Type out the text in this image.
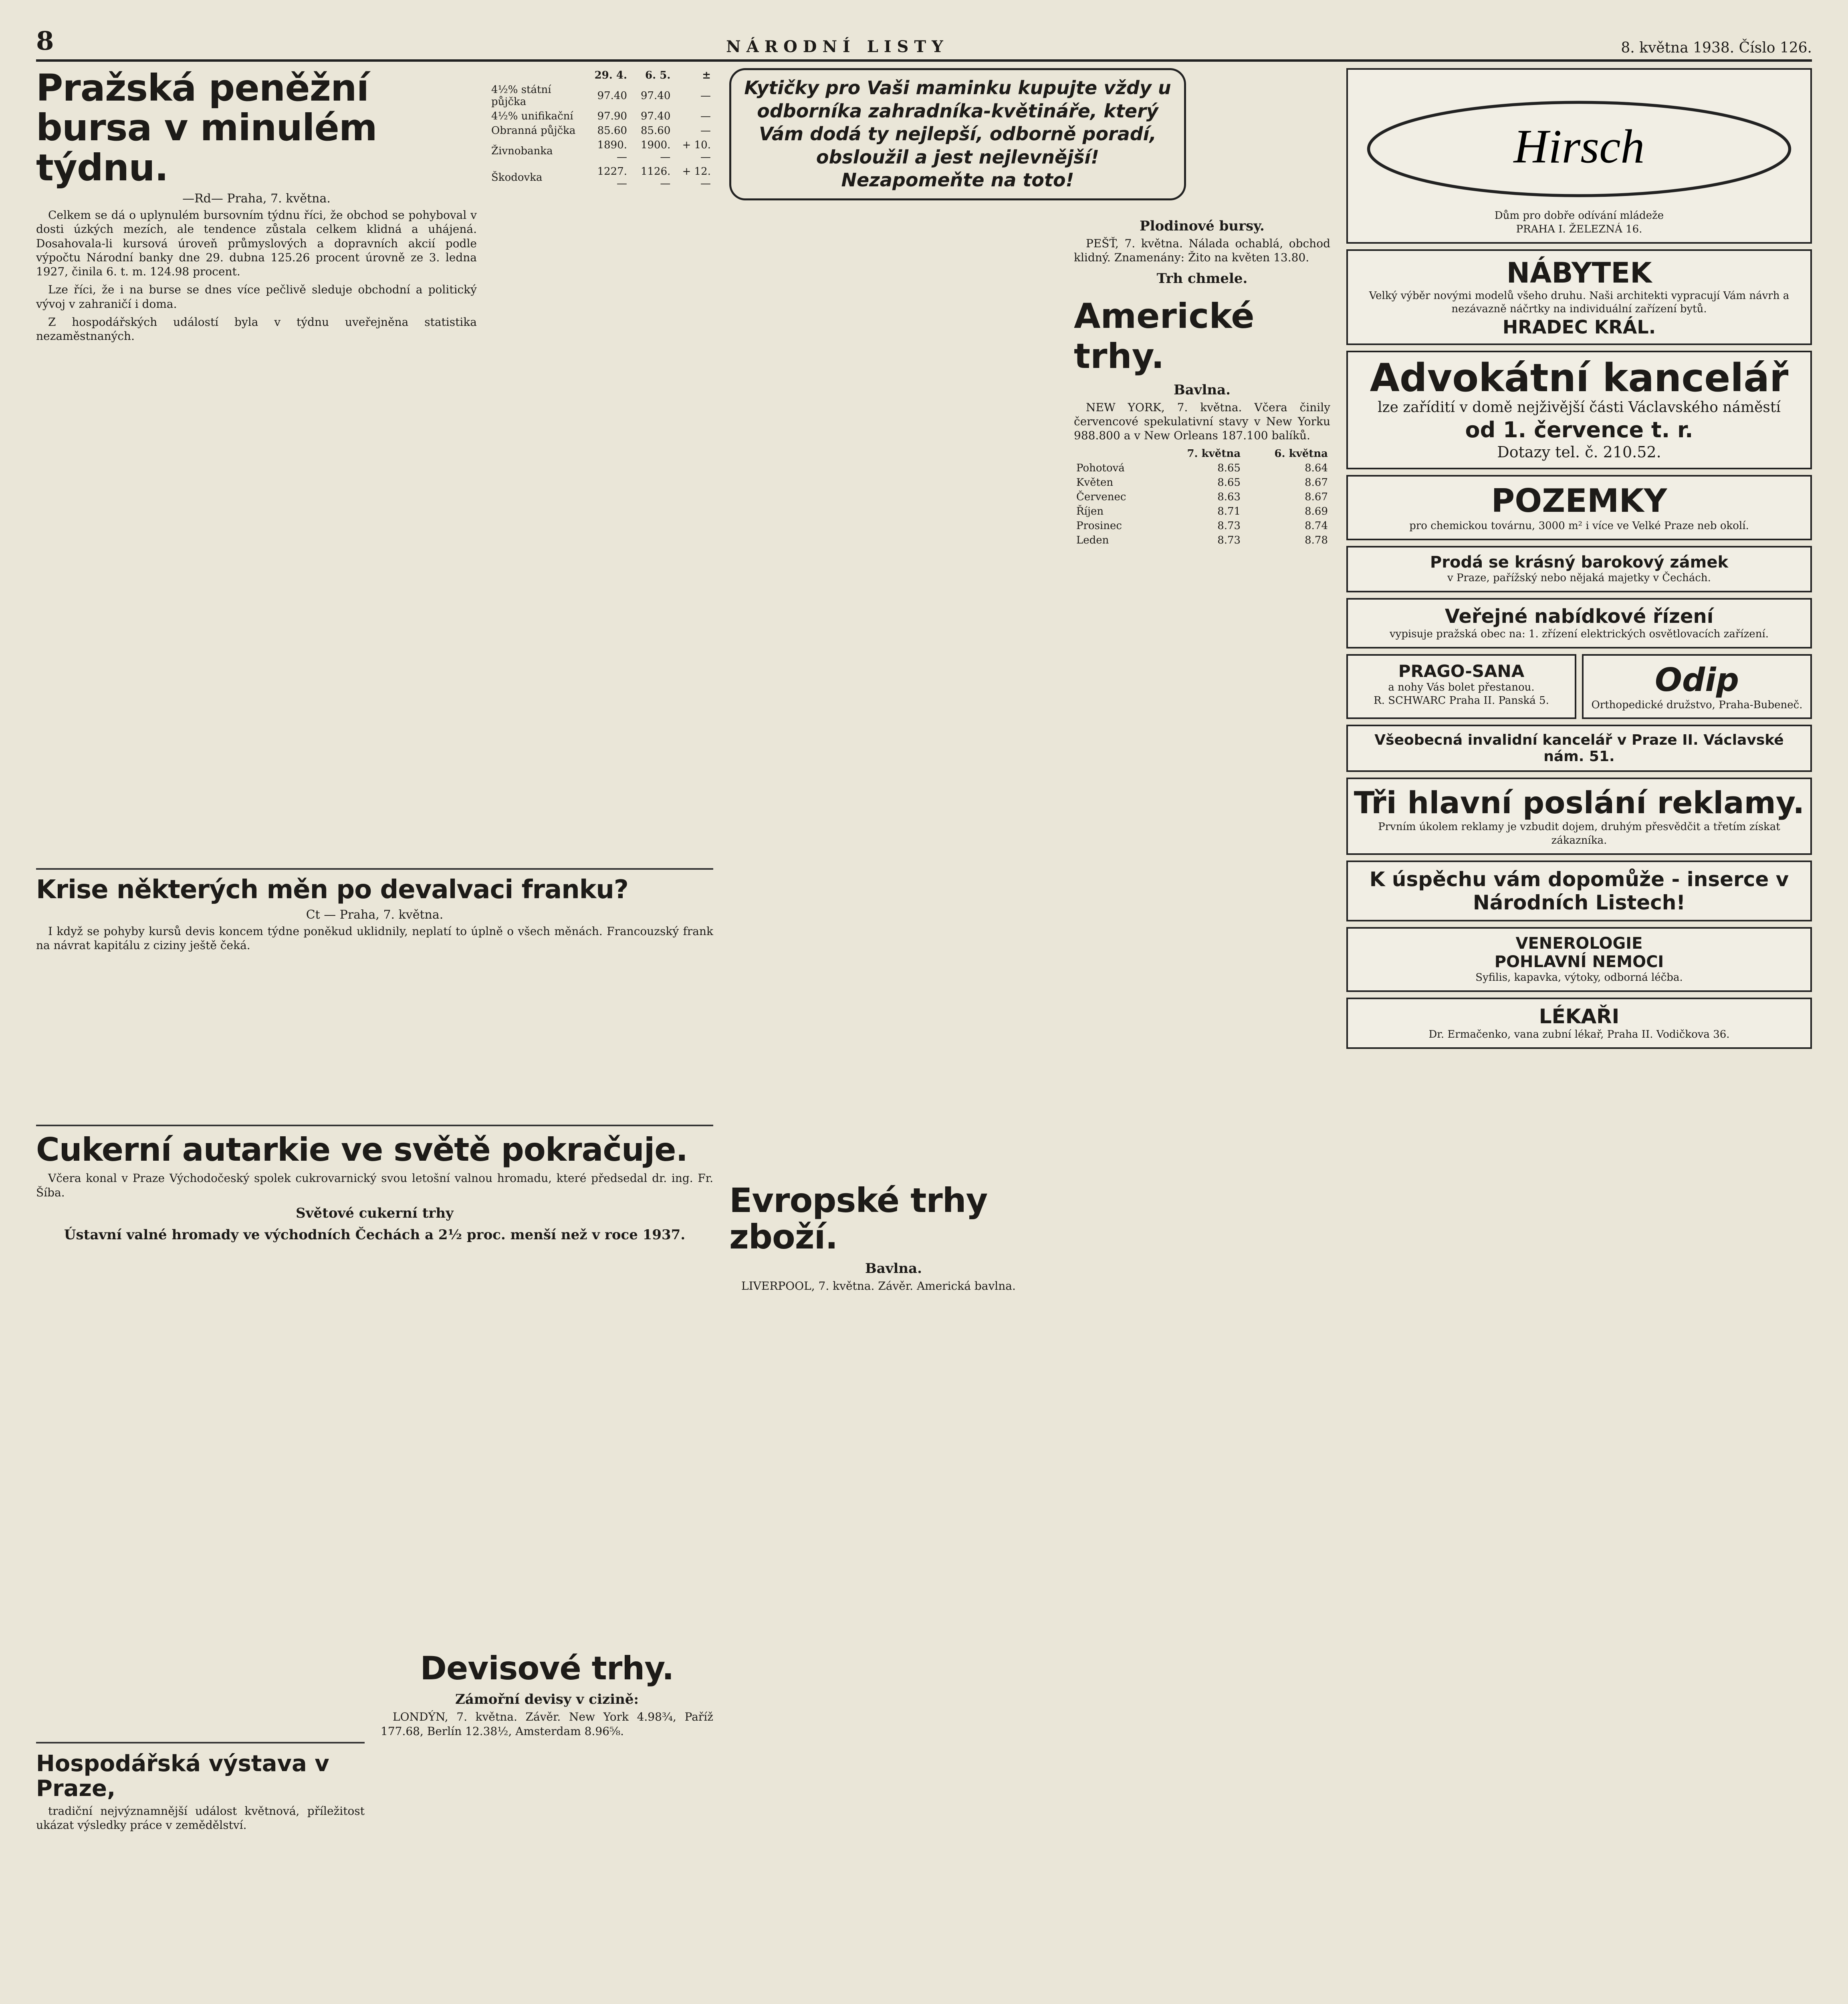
8	NÁRODNÍ LISTY	8. května 1938. Číslo 126.
Pražská peněžní bursa v minulém týdnu.
—Rd— Praha, 7. května.

Celkem se dá o uplynulém bursovním týdnu říci, že obchod se pohyboval v dosti úzkých mezích, ale tendence zůstala celkem klidná a uhájená. Dosahovala-li kursová úroveň průmyslových a dopravních akcií podle výpočtu Národní banky dne 29. dubna 125.26 procent úrovně ze 3. ledna 1927, činila 6. t. m. 124.98 procent.

Lze říci, že i na burse se dnes více pečlivě sleduje obchodní a politický vývoj v zahraničí i doma.

Z hospodářských událostí byla v týdnu uveřejněna statistika nezaměstnaných.

	29. 4.	6. 5.	±
4½% státní půjčka	97.40	97.40	—
4½% unifikační	97.90	97.40	—
Obranná půjčka	85.60	85.60	—
Živnobanka	1890.—	1900.—	+ 10.—
Škodovka	1227.—	1126.—	+ 12.—
Krise některých měn po devalvaci franku?
Ct — Praha, 7. května.

I když se pohyby kursů devis koncem týdne poněkud uklidnily, neplatí to úplně o všech měnách. Francouzský frank na návrat kapitálu z ciziny ještě čeká.

Cukerní autarkie ve světě pokračuje.

Včera konal v Praze Východočeský spolek cukrovarnický svou letošní valnou hromadu, které předsedal dr. ing. Fr. Šíba.

Světové cukerní trhy
Ústavní valné hromady ve východních Čechách a 2½ proc. menší než v roce 1937.
Hospodářská výstava v Praze,

tradiční nejvýznamnější událost květnová, příležitost ukázat výsledky práce v zemědělství.

Devisové trhy.
Zámořní devisy v cizině:

LONDÝN, 7. května. Závěr. New York 4.98³⁄₄, Paříž 177.68, Berlín 12.38½, Amsterdam 8.96⁵⁄₈.

Kytičky pro Vaši maminku kupujte vždy u odborníka zahradníka-květináře, který Vám dodá ty nejlepší, odborně poradí, obsloužil a jest nejlevnější! Nezapomeňte na toto!
Evropské trhy zboží.
Bavlna.

LIVERPOOL, 7. května. Závěr. Americká bavlna.

Plodinové bursy.

PEŠŤ, 7. května. Nálada ochablá, obchod klidný. Znamenány: Žito na květen 13.80.

Trh chmele.
Americké trhy.
Bavlna.

NEW YORK, 7. května. Včera činily červencové spekulativní stavy v New Yorku 988.800 a v New Orleans 187.100 balíků.

	7. května	6. května
Pohotová	8.65	8.64
Květen	8.65	8.67
Červenec	8.63	8.67
Říjen	8.71	8.69
Prosinec	8.73	8.74
Leden	8.73	8.78
Hirsch
Dům pro dobře odívání mládeže
PRAHA I. ŽELEZNÁ 16.
NÁBYTEK
Velký výběr novými modelů všeho druhu. Naši architekti vypracují Vám návrh a nezávazně náčrtky na individuální zařízení bytů.
HRADEC KRÁL.
Advokátní kancelář
lze zařídití v domě nejživější části Václavského náměstí
od 1. července t. r.
Dotazy tel. č. 210.52.
POZEMKY
pro chemickou továrnu, 3000 m² i více ve Velké Praze neb okolí.
Prodá se krásný barokový zámek
v Praze, pařížský nebo nějaká majetky v Čechách.
Veřejné nabídkové řízení
vypisuje pražská obec na: 1. zřízení elektrických osvětlovacích zařízení.
PRAGO-SANA
a nohy Vás bolet přestanou.
R. SCHWARC Praha II. Panská 5.
Odip
Orthopedické družstvo, Praha-Bubeneč.
Všeobecná invalidní kancelář v Praze II. Václavské nám. 51.
Tři hlavní poslání reklamy.
Prvním úkolem reklamy je vzbudit dojem, druhým přesvědčit a třetím získat zákazníka.
K úspěchu vám dopomůže - inserce v Národních Listech!
VENEROLOGIE
POHLAVNÍ NEMOCI
Syfilis, kapavka, výtoky, odborná léčba.
LÉKAŘI
Dr. Ermačenko, vana zubní lékař, Praha II. Vodičkova 36.
